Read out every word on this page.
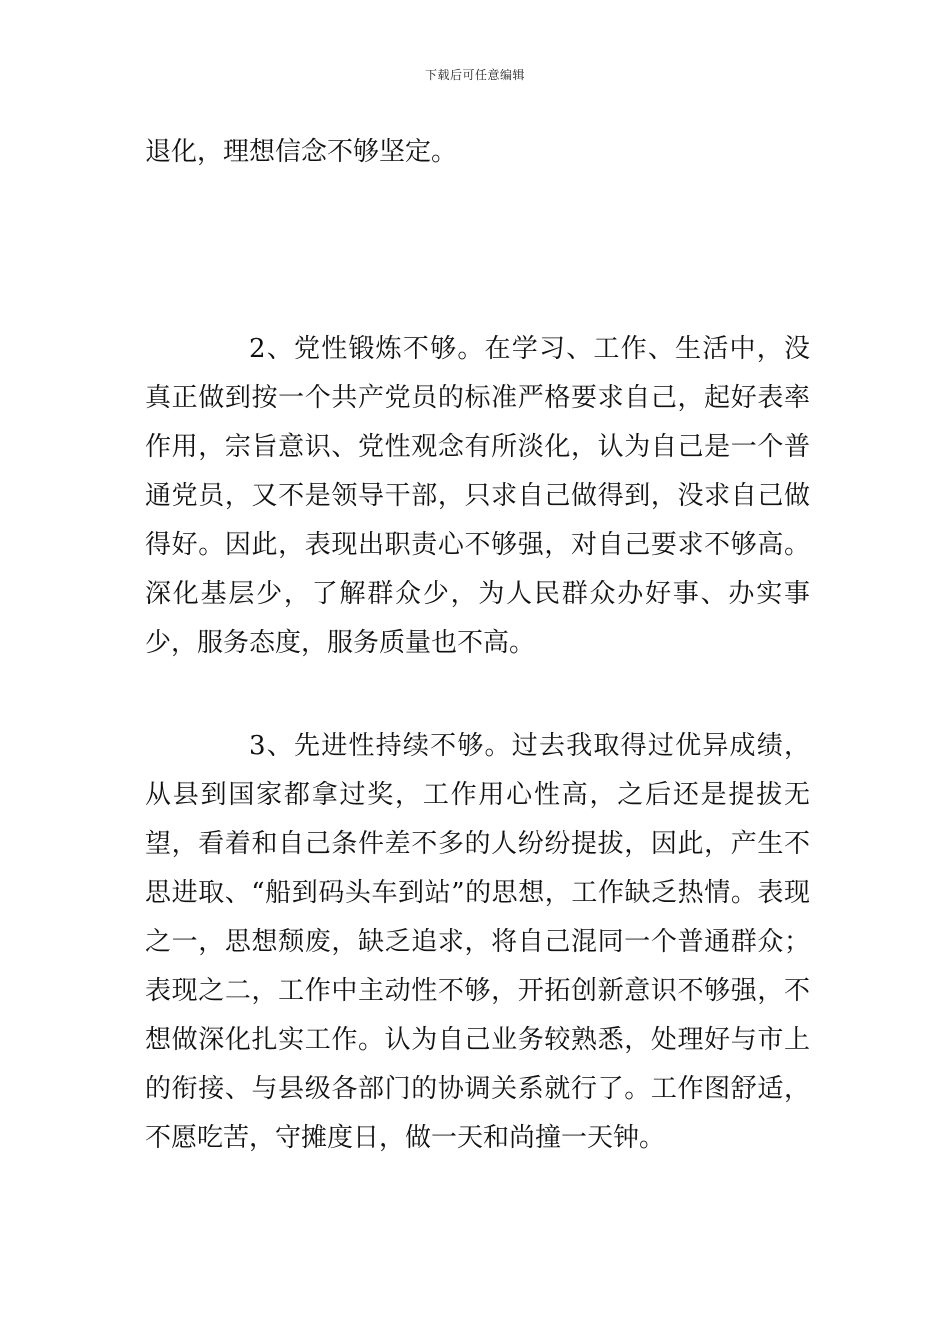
下载后可任意编辑

退化，理想信念不够坚定。

2、党性锻炼不够。在学习、工作、生活中，没真正做到按一个共产党员的标准严格要求自己，起好表率作用，宗旨意识、党性观念有所淡化，认为自己是一个普通党员，又不是领导干部，只求自己做得到，没求自己做得好。因此，表现出职责心不够强，对自己要求不够高。深化基层少，了解群众少，为人民群众办好事、办实事少，服务态度，服务质量也不高。

3、先进性持续不够。过去我取得过优异成绩，从县到国家都拿过奖，工作用心性高，之后还是提拔无望，看着和自己条件差不多的人纷纷提拔，因此，产生不思进取、“船到码头车到站”的思想，工作缺乏热情。表现之一，思想颓废，缺乏追求，将自己混同一个普通群众；表现之二，工作中主动性不够，开拓创新意识不够强，不想做深化扎实工作。认为自己业务较熟悉，处理好与市上的衔接、与县级各部门的协调关系就行了。工作图舒适，不愿吃苦，守摊度日，做一天和尚撞一天钟。
